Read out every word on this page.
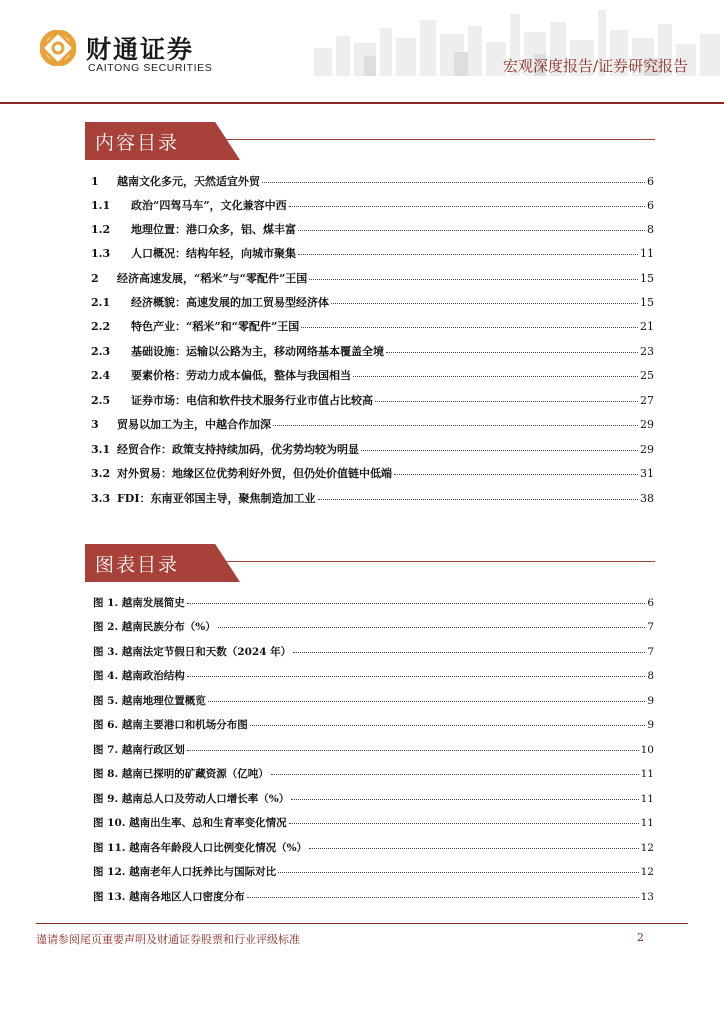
财通证券
CAITONG SECURITIES	宏观深度报告/证券研究报告
内容目录
1	越南文化多元，天然适宜外贸	6
1.1	政治“四驾马车”，文化兼容中西	6
1.2	地理位置：港口众多，铝、煤丰富	8
1.3	人口概况：结构年轻，向城市聚集	11
2	经济高速发展，“稻米”与“零配件”王国	15
2.1	经济概貌：高速发展的加工贸易型经济体	15
2.2	特色产业：“稻米”和“零配件”王国	21
2.3	基础设施：运输以公路为主，移动网络基本覆盖全境	23
2.4	要素价格：劳动力成本偏低，整体与我国相当	25
2.5	证券市场：电信和软件技术服务行业市值占比较高	27
3	贸易以加工为主，中越合作加深	29
3.1 经贸合作：政策支持持续加码，优劣势均较为明显	29
3.2 对外贸易：地缘区位优势利好外贸，但仍处价值链中低端	31
3.3 FDI：东南亚邻国主导，聚焦制造加工业	38
图表目录
图 1. 越南发展简史	6
图 2. 越南民族分布（%）	7
图 3. 越南法定节假日和天数（2024 年）	7
图 4. 越南政治结构	8
图 5. 越南地理位置概览	9
图 6. 越南主要港口和机场分布图	9
图 7. 越南行政区划	10
图 8. 越南已探明的矿藏资源（亿吨）	11
图 9. 越南总人口及劳动人口增长率（%）	11
图 10. 越南出生率、总和生育率变化情况	11
图 11. 越南各年龄段人口比例变化情况（%）	12
图 12. 越南老年人口抚养比与国际对比	12
图 13. 越南各地区人口密度分布	13
谨请参阅尾页重要声明及财通证券股票和行业评级标准	2
